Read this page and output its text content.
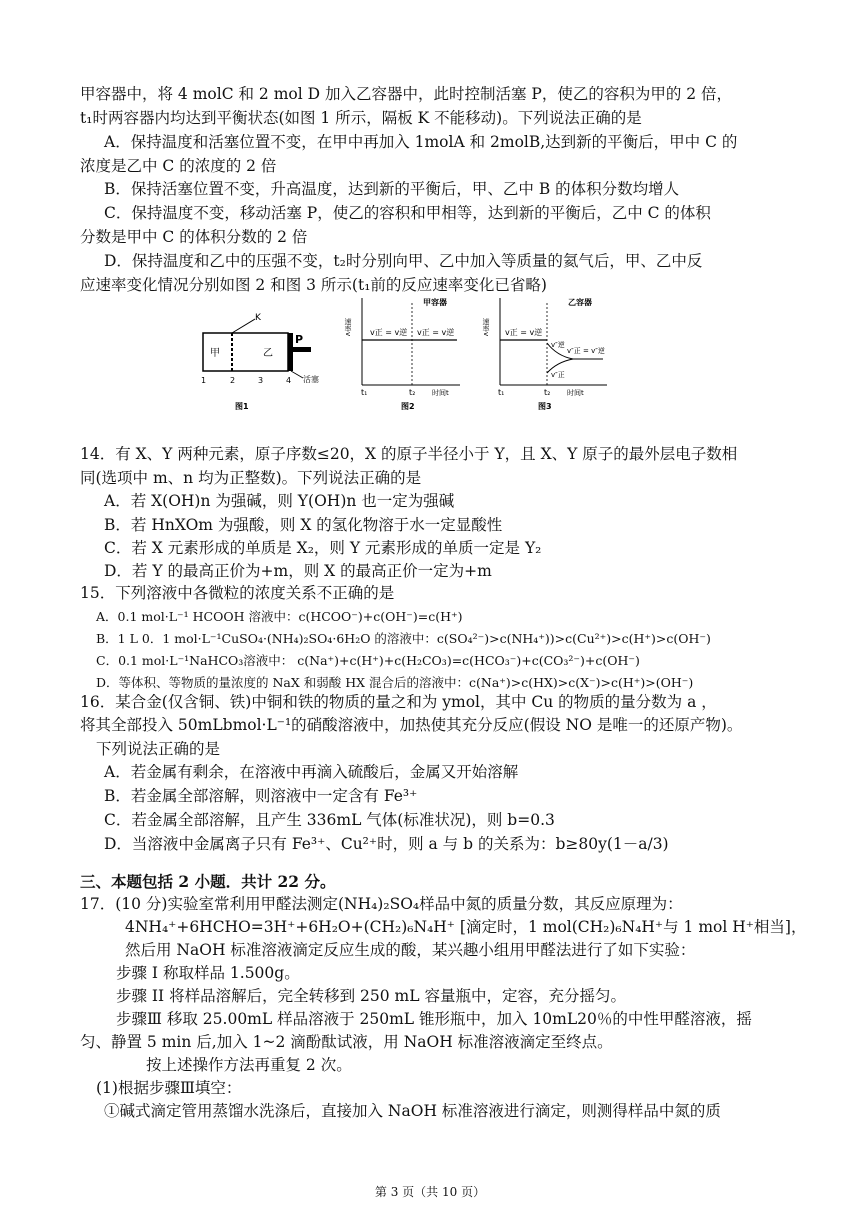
甲容器中，将 4 molC 和 2 mol D 加入乙容器中，此时控制活塞 P，使乙的容积为甲的 2 倍，
t₁时两容器内均达到平衡状态(如图 1 所示，隔板 K 不能移动)。下列说法正确的是
A．保持温度和活塞位置不变，在甲中再加入 1molA 和 2molB,达到新的平衡后，甲中 C 的
浓度是乙中 C 的浓度的 2 倍
B．保持活塞位置不变，升高温度，达到新的平衡后，甲、乙中 B 的体积分数均增人
C．保持温度不变，移动活塞 P，使乙的容积和甲相等，达到新的平衡后，乙中 C 的体积
分数是甲中 C 的体积分数的 2 倍
D．保持温度和乙中的压强不变，t₂时分别向甲、乙中加入等质量的氦气后，甲、乙中反
应速率变化情况分别如图 2 和图 3 所示(t₁前的反应速率变化已省略)
K
甲	乙
P
活塞
1	2	3	4
图1
速率v
甲容器
v正 = v逆 v正 = v逆
t₁	t₂ 时间t
图2
速率v
乙容器
v正 = v逆
v″逆
v″正 = v″逆
v″正
t₁	t₂ 时间t
图3
14．有 X、Y 两种元素，原子序数≤20，X 的原子半径小于 Y，且 X、Y 原子的最外层电子数相
同(选项中 m、n 均为正整数)。下列说法正确的是
A．若 X(OH)n 为强碱，则 Y(OH)n 也一定为强碱
B．若 HnXOm 为强酸，则 X 的氢化物溶于水一定显酸性
C．若 X 元素形成的单质是 X₂，则 Y 元素形成的单质一定是 Y₂
D．若 Y 的最高正价为+m，则 X 的最高正价一定为+m
15．下列溶液中各微粒的浓度关系不正确的是
A．0.1 mol·L⁻¹ HCOOH 溶液中：c(HCOO⁻)+c(OH⁻)=c(H⁺)
B．1 L 0．1 mol·L⁻¹CuSO₄·(NH₄)₂SO₄·6H₂O 的溶液中：c(SO₄²⁻)>c(NH₄⁺))>c(Cu²⁺)>c(H⁺)>c(OH⁻)
C．0.1 mol·L⁻¹NaHCO₃溶液中： c(Na⁺)+c(H⁺)+c(H₂CO₃)=c(HCO₃⁻)+c(CO₃²⁻)+c(OH⁻)
D．等体积、等物质的量浓度的 NaX 和弱酸 HX 混合后的溶液中：c(Na⁺)>c(HX)>c(X⁻)>c(H⁺)>(OH⁻)
16．某合金(仅含铜、铁)中铜和铁的物质的量之和为 ymol，其中 Cu 的物质的量分数为 a ，
将其全部投入 50mLbmol·L⁻¹的硝酸溶液中，加热使其充分反应(假设 NO 是唯一的还原产物)。
下列说法正确的是
A．若金属有剩余，在溶液中再滴入硫酸后，金属又开始溶解
B．若金属全部溶解，则溶液中一定含有 Fe³⁺
C．若金属全部溶解，且产生 336mL 气体(标准状况)，则 b=0.3
D．当溶液中金属离子只有 Fe³⁺、Cu²⁺时，则 a 与 b 的关系为：b≥80y(1－a/3)
三、本题包括 2 小题．共计 22 分。
17．(10 分)实验室常利用甲醛法测定(NH₄)₂SO₄样品中氮的质量分数，其反应原理为：
4NH₄⁺+6HCHO=3H⁺+6H₂O+(CH₂)₆N₄H⁺ [滴定时，1 mol(CH₂)₆N₄H⁺与 1 mol H⁺相当]，
然后用 NaOH 标准溶液滴定反应生成的酸，某兴趣小组用甲醛法进行了如下实验：
步骤 I 称取样品 1.500g。
步骤 II 将样品溶解后，完全转移到 250 mL 容量瓶中，定容，充分摇匀。
步骤Ⅲ 移取 25.00mL 样品溶液于 250mL 锥形瓶中，加入 10mL20％的中性甲醛溶液，摇
匀、静置 5 min 后,加入 1~2 滴酚酞试液，用 NaOH 标准溶液滴定至终点。
按上述操作方法再重复 2 次。
(1)根据步骤Ⅲ填空：
①碱式滴定管用蒸馏水洗涤后，直接加入 NaOH 标准溶液进行滴定，则测得样品中氮的质
第 3 页（共 10 页）
